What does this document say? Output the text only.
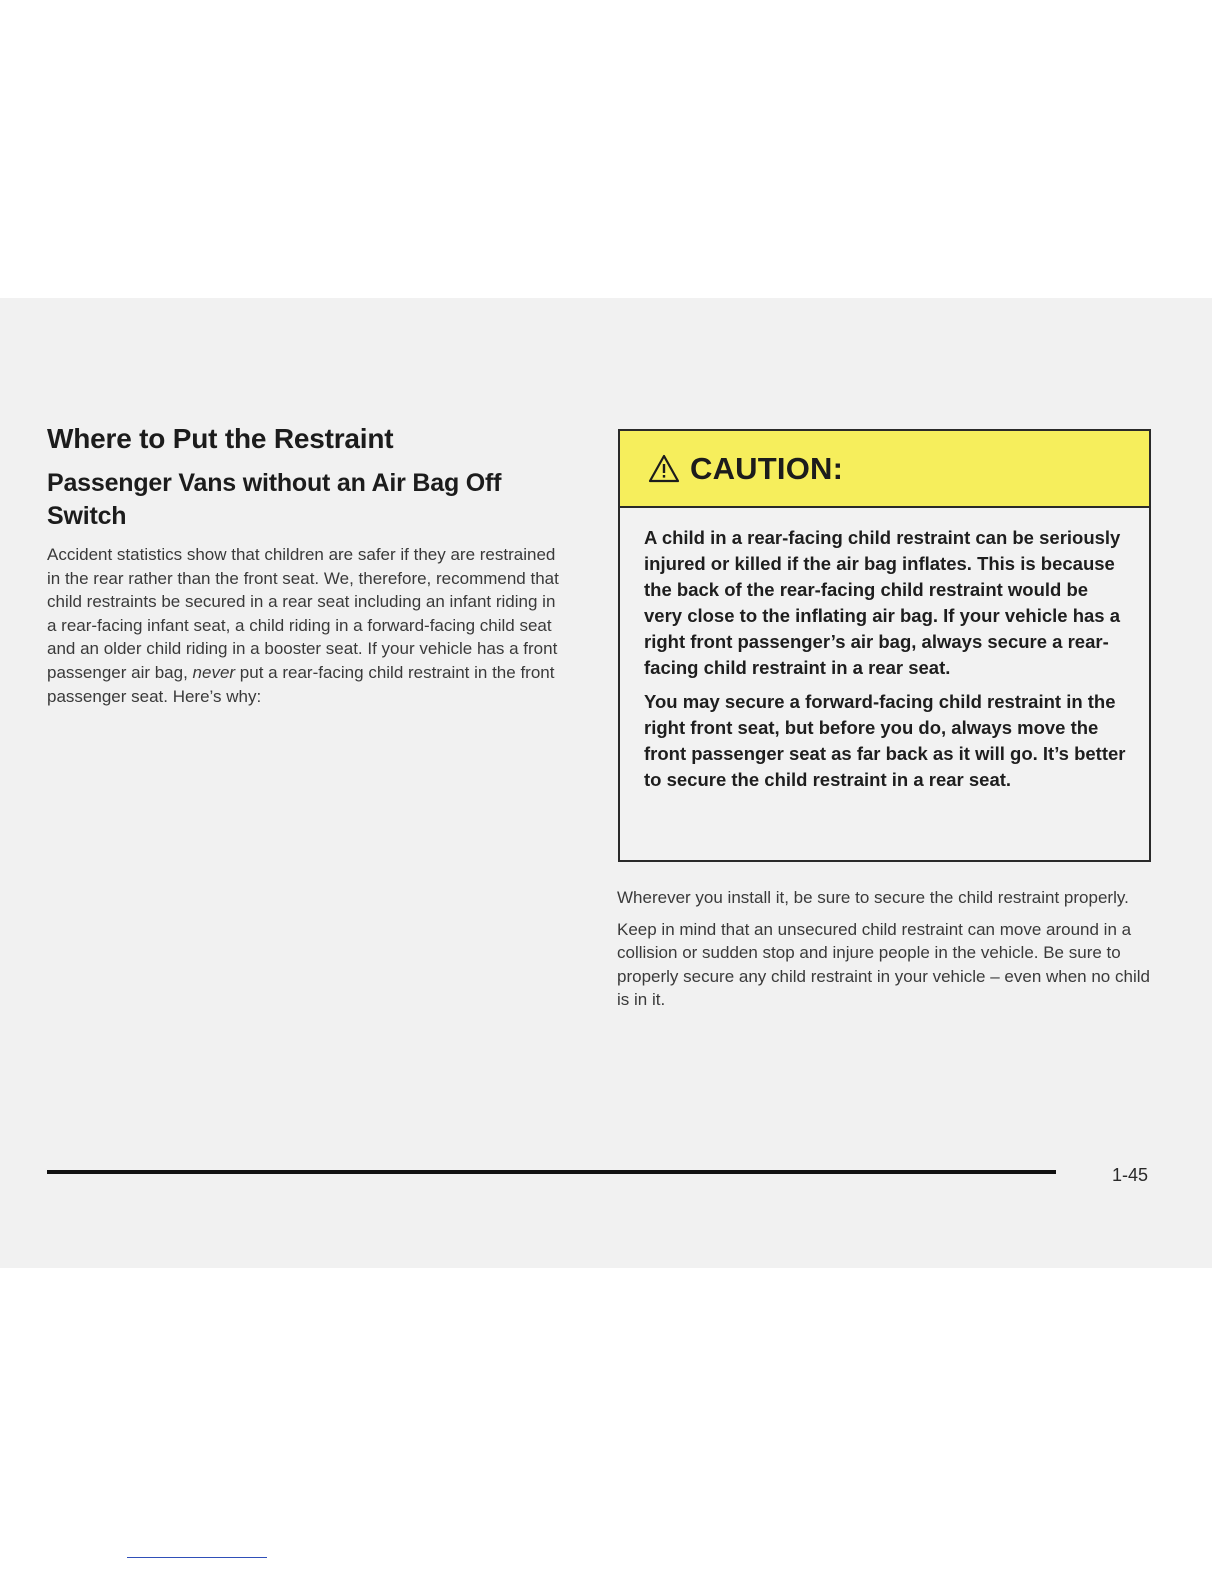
Where to Put the Restraint
Passenger Vans without an Air Bag Off Switch

Accident statistics show that children are safer if they are restrained in the rear rather than the front seat. We, therefore, recommend that child restraints be secured in a rear seat including an infant riding in a rear-facing infant seat, a child riding in a forward-facing child seat and an older child riding in a booster seat. If your vehicle has a front passenger air bag, never put a rear-facing child restraint in the front passenger seat. Here’s why:

CAUTION:

A child in a rear-facing child restraint can be seriously injured or killed if the air bag inflates. This is because the back of the rear-facing child restraint would be very close to the inflating air bag. If your vehicle has a right front passenger’s air bag, always secure a rear-facing child restraint in a rear seat.

You may secure a forward-facing child restraint in the right front seat, but before you do, always move the front passenger seat as far back as it will go. It’s better to secure the child restraint in a rear seat.

Wherever you install it, be sure to secure the child restraint properly.

Keep in mind that an unsecured child restraint can move around in a collision or sudden stop and injure people in the vehicle. Be sure to properly secure any child restraint in your vehicle – even when no child is in it.

1-45
